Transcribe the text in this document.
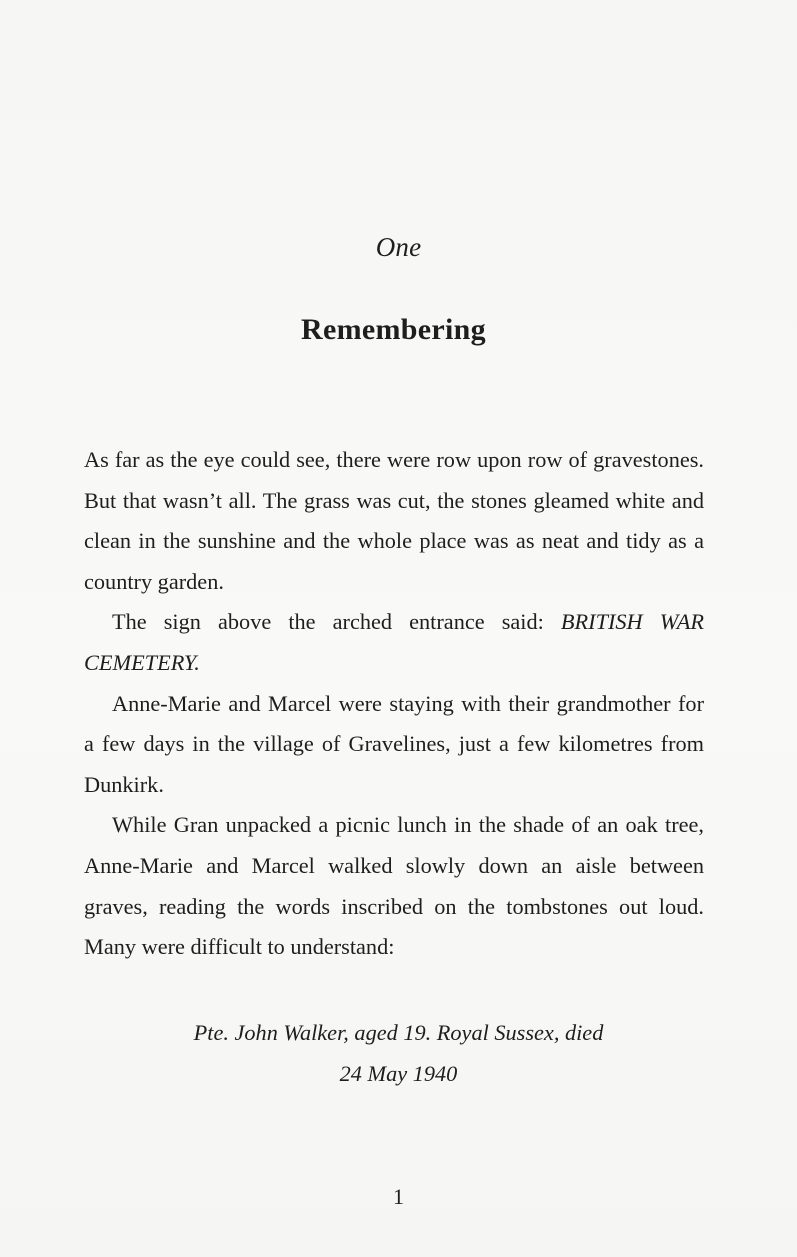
One
Remembering

As far as the eye could see, there were row upon row of gravestones. But that wasn’t all. The grass was cut, the stones gleamed white and clean in the sunshine and the whole place was as neat and tidy as a country garden.

The sign above the arched entrance said: BRITISH WAR CEMETERY.

Anne-Marie and Marcel were staying with their grandmother for a few days in the village of Gravelines, just a few kilometres from Dunkirk.

While Gran unpacked a picnic lunch in the shade of an oak tree, Anne-Marie and Marcel walked slowly down an aisle between graves, reading the words inscribed on the tombstones out loud. Many were difficult to understand:

Pte. John Walker, aged 19. Royal Sussex, died
24 May 1940
1
